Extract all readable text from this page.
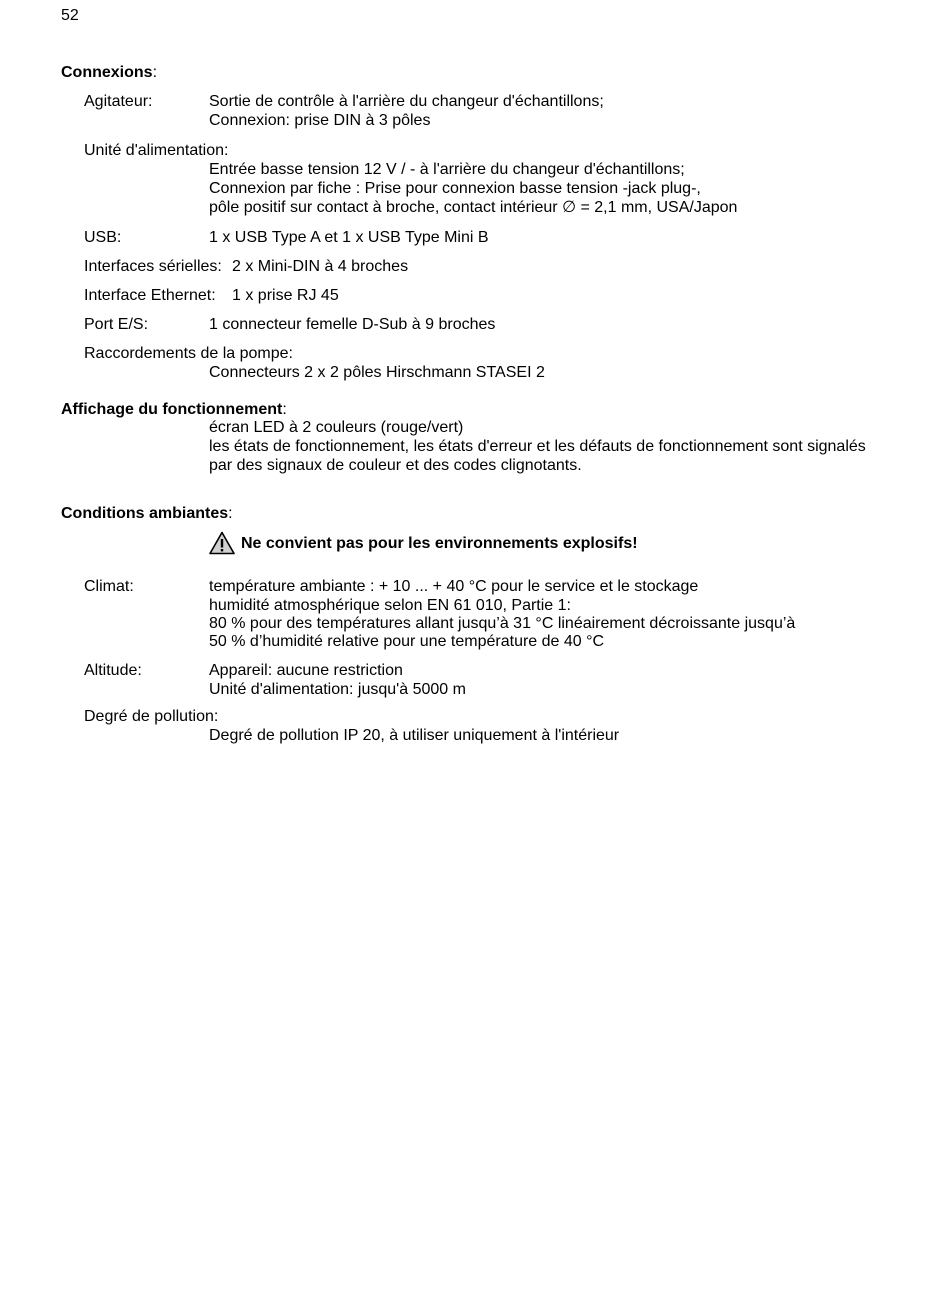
52
Connexions:
Agitateur:	Sortie de contrôle à l'arrière du changeur d'échantillons;
Connexion: prise DIN à 3 pôles
Unité d'alimentation:
Entrée basse tension 12 V / - à l'arrière du changeur d'échantillons;
Connexion par fiche : Prise pour connexion basse tension -jack plug-,
pôle positif sur contact à broche, contact intérieur ∅ = 2,1 mm, USA/Japon
USB:	1 x USB Type A et 1 x USB Type Mini B
Interfaces sérielles: 2 x Mini-DIN à 4 broches
Interface Ethernet: 1 x prise RJ 45
Port E/S:	1 connecteur femelle D-Sub à 9 broches
Raccordements de la pompe:
Connecteurs 2 x 2 pôles Hirschmann STASEI 2
Affichage du fonctionnement:
écran LED à 2 couleurs (rouge/vert)
les états de fonctionnement, les états d'erreur et les défauts de fonctionnement sont signalés
par des signaux de couleur et des codes clignotants.
Conditions ambiantes:
Ne convient pas pour les environnements explosifs!
Climat:	température ambiante : + 10 ... + 40 °C pour le service et le stockage
humidité atmosphérique selon EN 61 010, Partie 1:
80 % pour des températures allant jusqu’à 31 °C linéairement décroissante jusqu’à
50 % d’humidité relative pour une température de 40 °C
Altitude:	Appareil: aucune restriction
Unité d'alimentation: jusqu'à 5000 m
Degré de pollution:
Degré de pollution IP 20, à utiliser uniquement à l'intérieur
